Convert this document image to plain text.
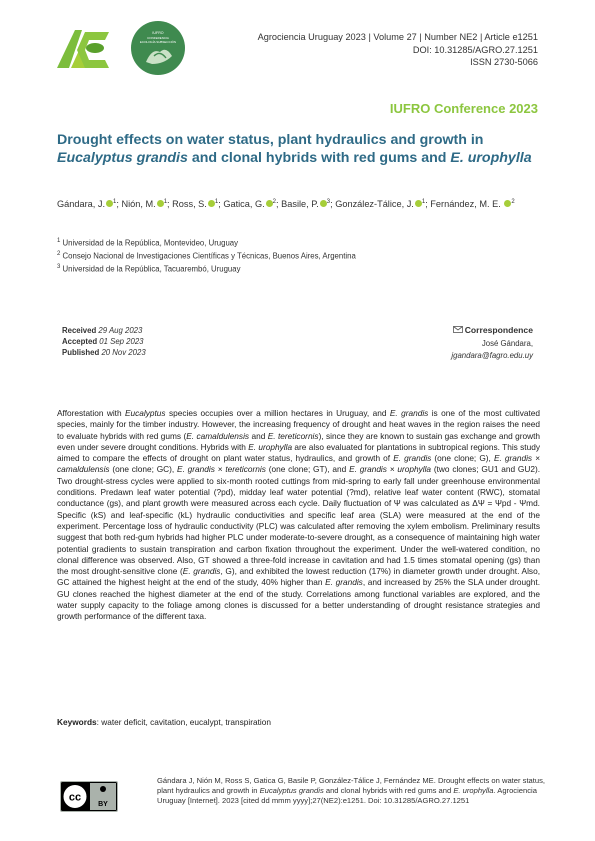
IUFRO
CONFERENCIA
ECOLOGÍA SUBSECCIÓN	Agrociencia Uruguay 2023 | Volume 27 | Number NE2 | Article e1251
DOI: 10.31285/AGRO.27.1251
ISSN 2730-5066
IUFRO Conference 2023
Drought effects on water status, plant hydraulics and growth in
Eucalyptus grandis and clonal hybrids with red gums and E. urophylla
Gándara, J. $^1$; Nión, M. $^1$; Ross, S. $^1$; Gatica, G. $^2$; Basile, P. $^3$; González-Tálice, J. $^1$; Fernández, M. E. $^2$
$^1$ Universidad de la República, Montevideo, Uruguay
$^2$ Consejo Nacional de Investigaciones Científicas y Técnicas, Buenos Aires, Argentina
$^3$ Universidad de la República, Tacuarembó, Uruguay
Received 29 Aug 2023
Accepted 01 Sep 2023
Published 20 Nov 2023
Correspondence
José Gándara,
jgandara@fagro.edu.uy
Afforestation with Eucalyptus species occupies over a million hectares in Uruguay, and E. grandis is one of the most cultivated species, mainly for the timber industry. However, the increasing frequency of drought and heat waves in the region raises the need to evaluate hybrids with red gums (E. camaldulensis and E. tereticornis), since they are known to sustain gas exchange and growth even under severe drought conditions. Hybrids with E. urophylla are also evaluated for plantations in subtropical regions. This study aimed to compare the effects of drought on plant water status, hydraulics, and growth of E. grandis (one clone; G), E. grandis × camaldulensis (one clone; GC), E. grandis × tereticornis (one clone; GT), and E. grandis × urophylla (two clones; GU1 and GU2). Two drought-stress cycles were applied to six-month rooted cuttings from mid-spring to early fall under greenhouse environmental conditions. Predawn leaf water potential (?pd), midday leaf water potential (?md), relative leaf water content (RWC), stomatal conductance (gs), and plant growth were measured across each cycle. Daily fluctuation of Ψ was calculated as ΔΨ = Ψpd - Ψmd. Specific (kS) and leaf-specific (kL) hydraulic conductivities and specific leaf area (SLA) were measured at the end of the experiment. Percentage loss of hydraulic conductivity (PLC) was calculated after removing the xylem embolism. Preliminary results suggest that both red-gum hybrids had higher PLC under moderate-to-severe drought, as a consequence of maintaining high water potential gradients to sustain transpiration and carbon fixation throughout the experiment. Under the well-watered condition, no clonal difference was observed. Also, GT showed a three-fold increase in cavitation and had 1.5 times stomatal opening (gs) than the most drought-sensitive clone (E. grandis, G), and exhibited the lowest reduction (17%) in diameter growth under drought. Also, GC attained the highest height at the end of the study, 40% higher than E. grandis, and increased by 25% the SLA under drought. GU clones reached the highest diameter at the end of the study. Correlations among functional variables are explored, and the water supply capacity to the foliage among clones is discussed for a better understanding of drought resistance strategies and growth performance of the different taxa.
Keywords: water deficit, cavitation, eucalypt, transpiration
cc
BY
Gándara J, Nión M, Ross S, Gatica G, Basile P, González-Tálice J, Fernández ME. Drought effects on water status, plant hydraulics and growth in Eucalyptus grandis and clonal hybrids with red gums and E. urophylla. Agrociencia Uruguay [Internet]. 2023 [cited dd mmm yyyy];27(NE2):e1251. Doi: 10.31285/AGRO.27.1251
